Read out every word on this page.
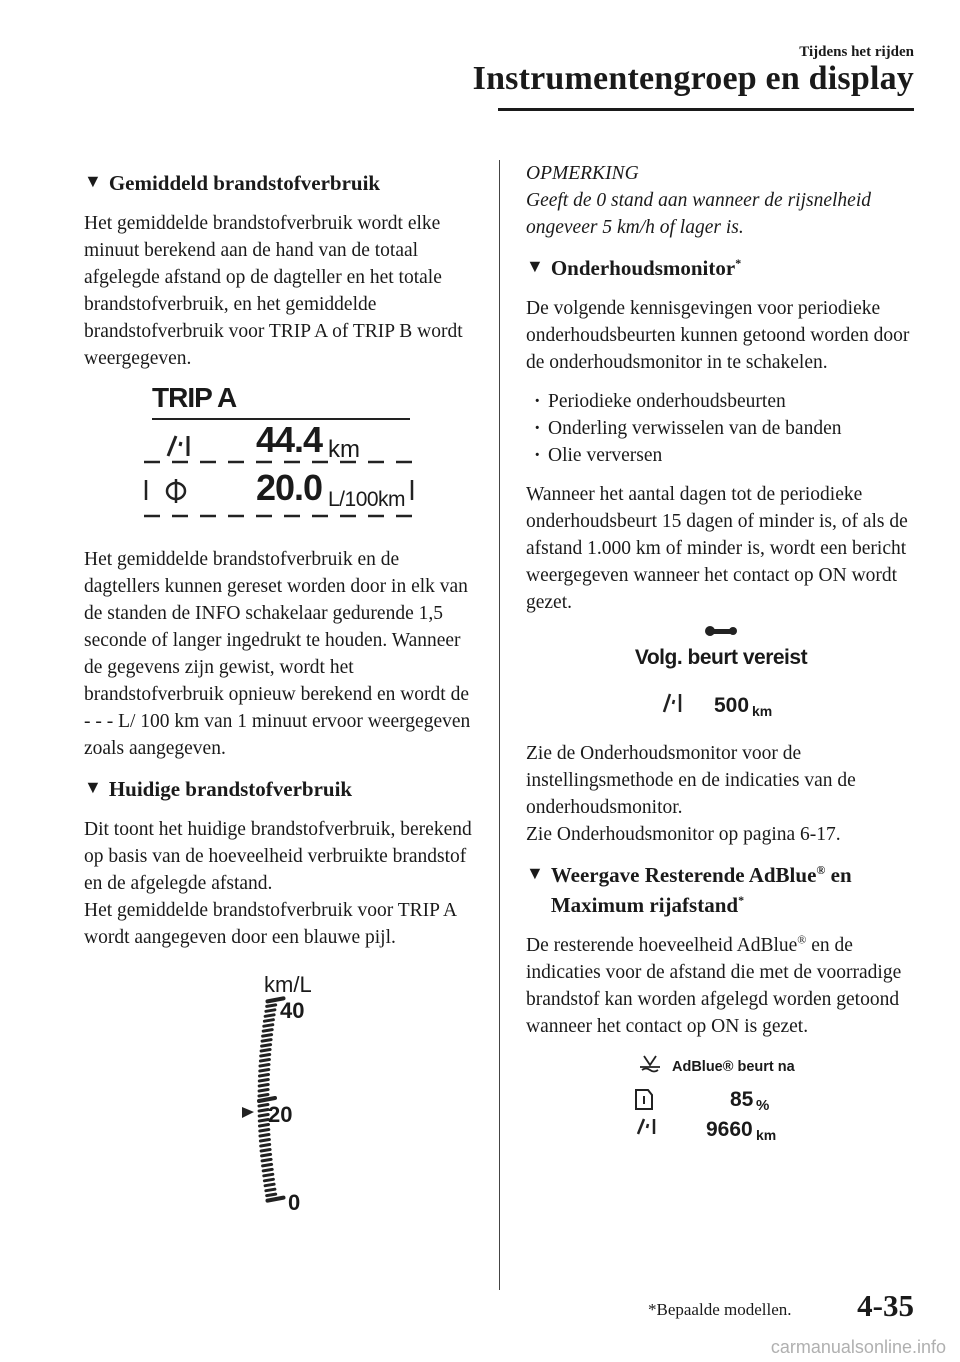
Tijdens het rijden
Instrumentengroep en display
▼ Gemiddeld brandstofverbruik
Het gemiddelde brandstofverbruik wordt elke minuut berekend aan de hand van de totaal afgelegde afstand op de dagteller en het totale brandstofverbruik, en het gemiddelde brandstofverbruik voor TRIP A of TRIP B wordt weergegeven.
TRIP A
44.4 km
20.0 L/100km
Het gemiddelde brandstofverbruik en de dagtellers kunnen gereset worden door in elk van de standen de INFO schakelaar gedurende 1,5 seconde of langer ingedrukt te houden. Wanneer de gegevens zijn gewist, wordt het brandstofverbruik opnieuw berekend en wordt de - - - L/ 100 km van 1 minuut ervoor weergegeven zoals aangegeven.
▼ Huidige brandstofverbruik
Dit toont het huidige brandstofverbruik, berekend op basis van de hoeveelheid verbruikte brandstof en de afgelegde afstand.
Het gemiddelde brandstofverbruik voor TRIP A wordt aangegeven door een blauwe pijl.
km/L
40
20
0
OPMERKING
Geeft de 0 stand aan wanneer de rijsnelheid ongeveer 5 km/h of lager is.
▼ Onderhoudsmonitor*
De volgende kennisgevingen voor periodieke onderhoudsbeurten kunnen getoond worden door de onderhoudsmonitor in te schakelen.
· Periodieke onderhoudsbeurten
· Onderling verwisselen van de banden
· Olie verversen
Wanneer het aantal dagen tot de periodieke onderhoudsbeurt 15 dagen of minder is, of als de afstand 1.000 km of minder is, wordt een bericht weergegeven wanneer het contact op ON wordt gezet.
Volg. beurt vereist
500 km
Zie de Onderhoudsmonitor voor de instellingsmethode en de indicaties van de onderhoudsmonitor.
Zie Onderhoudsmonitor op pagina 6-17.
▼ Weergave Resterende AdBlue® en
Maximum rijafstand*
De resterende hoeveelheid AdBlue® en de indicaties voor de afstand die met de voorradige brandstof kan worden afgelegd worden getoond wanneer het contact op ON is gezet.
AdBlue® beurt na
85 %
9660 km
*Bepaalde modellen. 4-35
carmanualsonline.info
